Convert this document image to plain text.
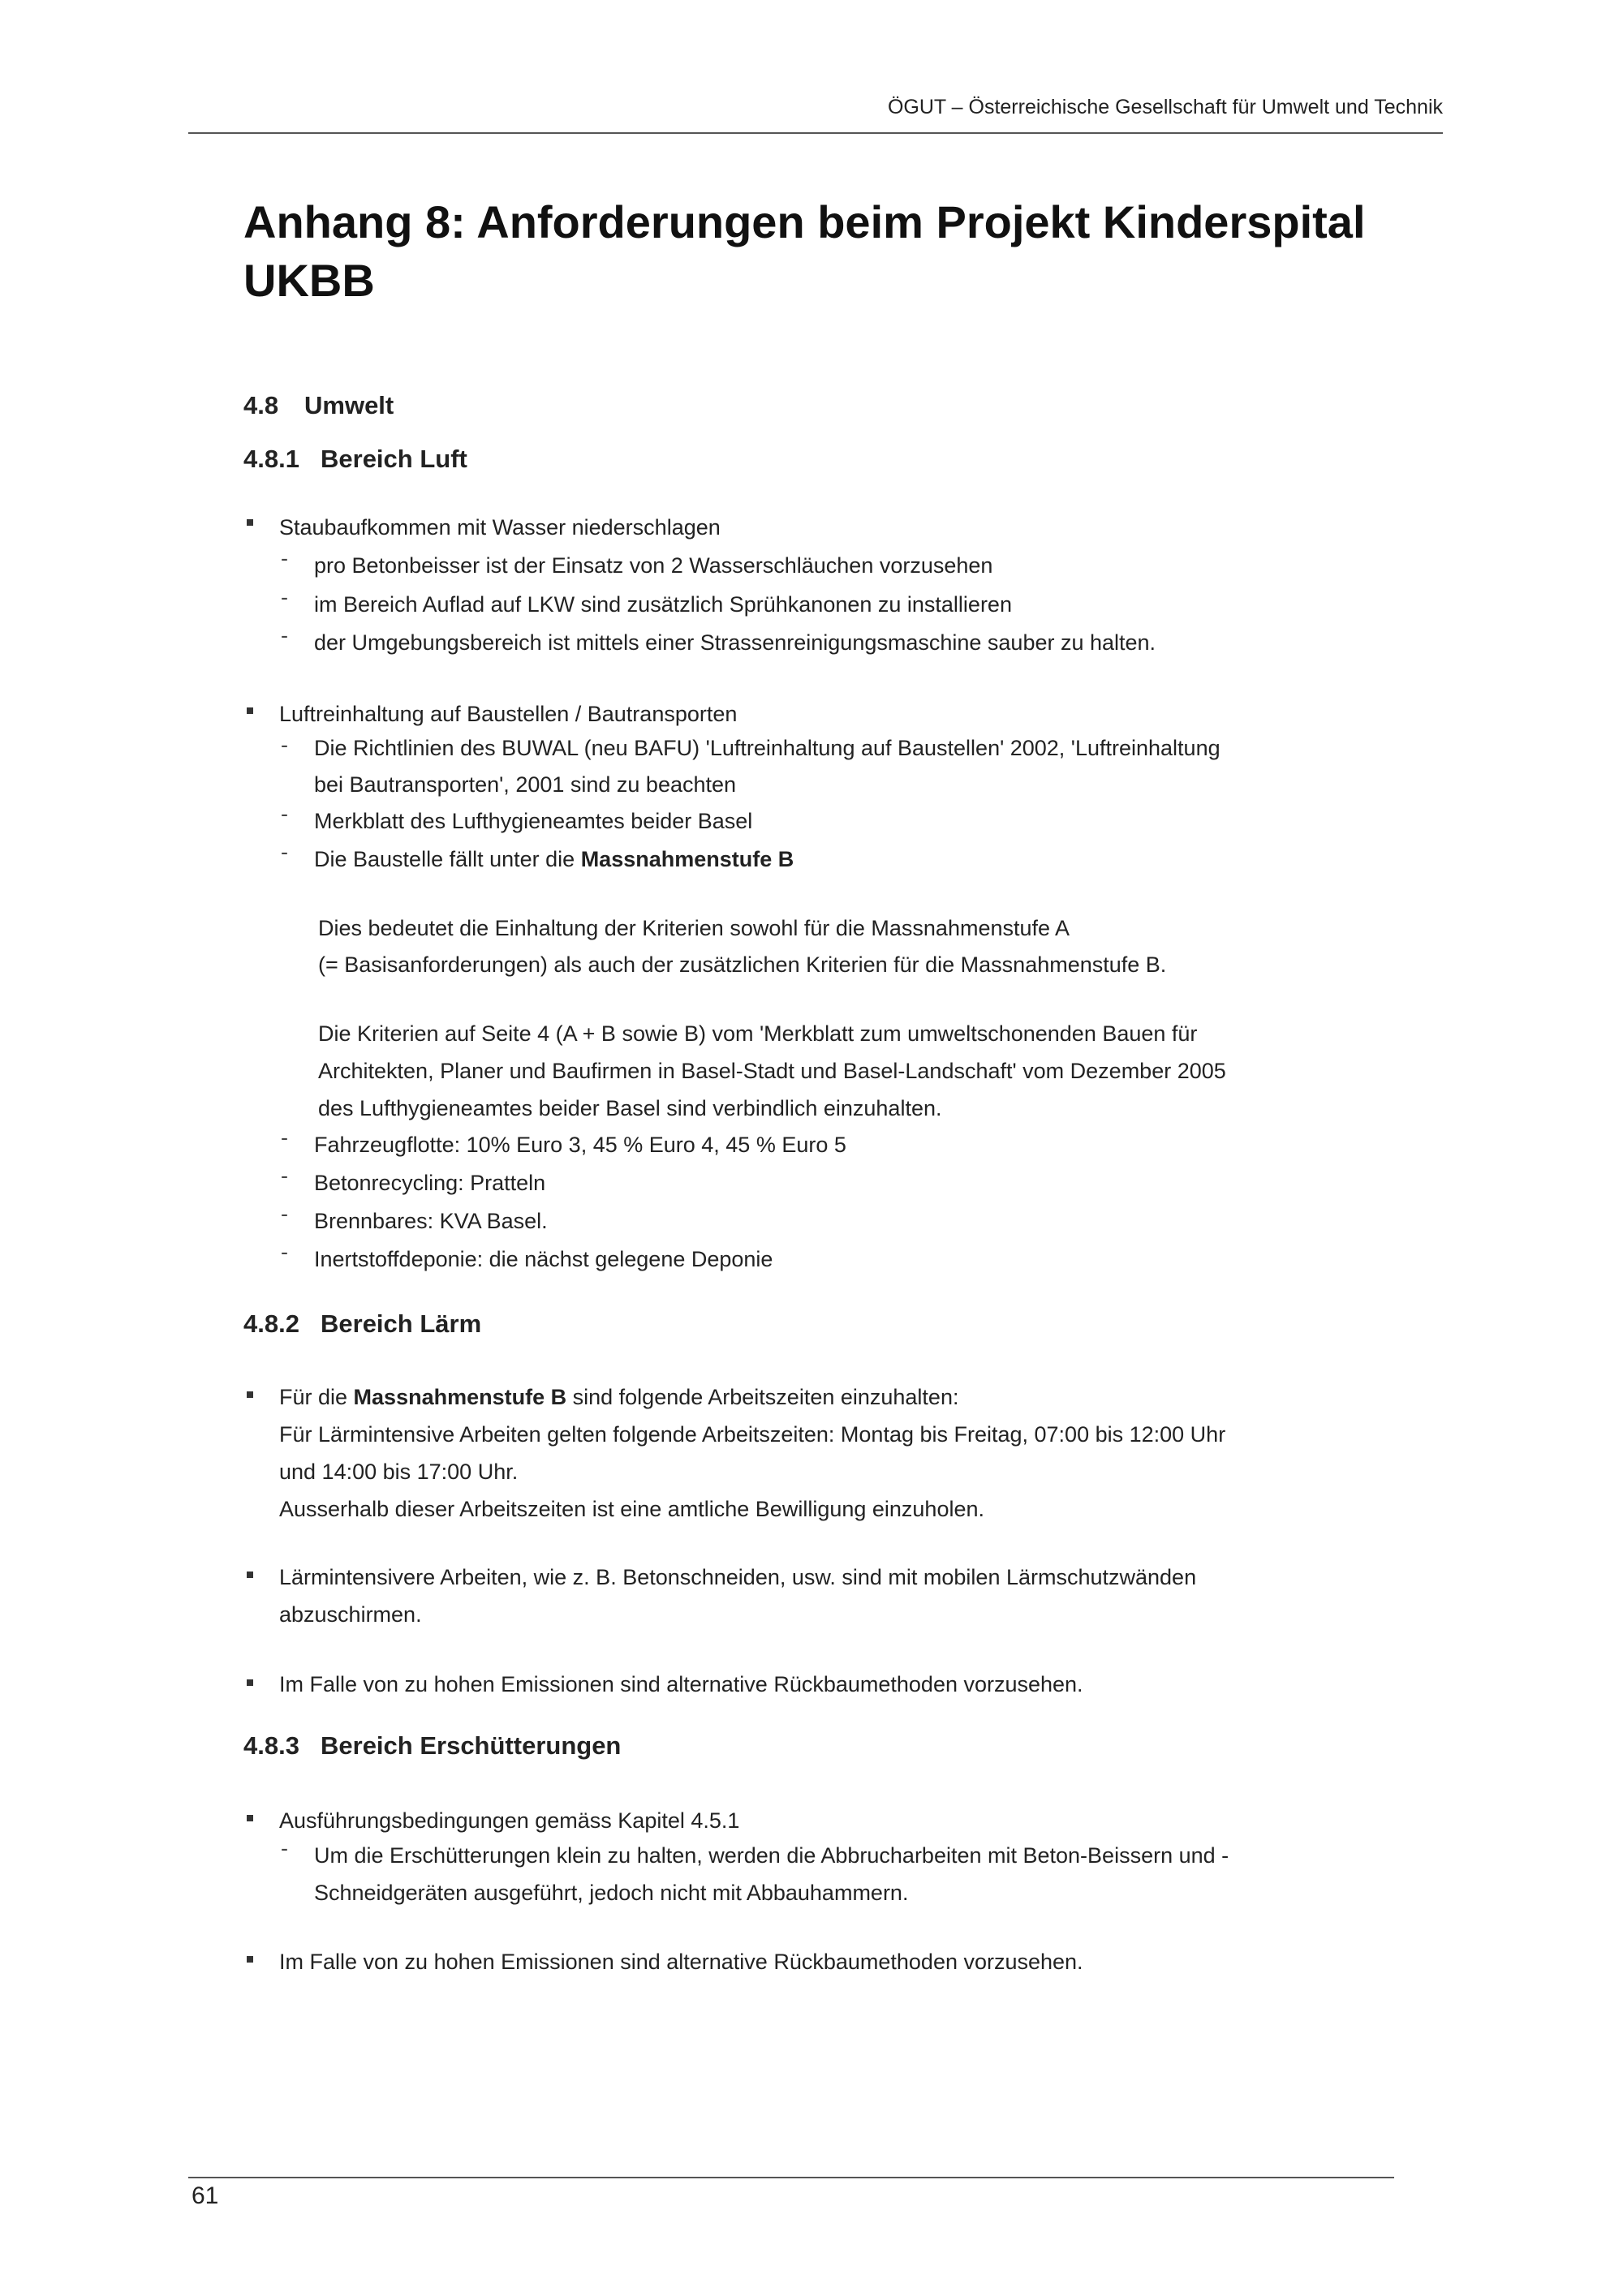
ÖGUT – Österreichische Gesellschaft für Umwelt und Technik
Anhang 8: Anforderungen beim Projekt Kinderspital UKBB
4.8 Umwelt
4.8.1 Bereich Luft
Staubaufkommen mit Wasser niederschlagen
- pro Betonbeisser ist der Einsatz von 2 Wasserschläuchen vorzusehen
- im Bereich Auflad auf LKW sind zusätzlich Sprühkanonen zu installieren
- der Umgebungsbereich ist mittels einer Strassenreinigungsmaschine sauber zu halten.
Luftreinhaltung auf Baustellen / Bautransporten
- Die Richtlinien des BUWAL (neu BAFU) 'Luftreinhaltung auf Baustellen' 2002, 'Luftreinhaltung
bei Bautransporten', 2001 sind zu beachten
- Merkblatt des Lufthygieneamtes beider Basel
- Die Baustelle fällt unter die Massnahmenstufe B
Dies bedeutet die Einhaltung der Kriterien sowohl für die Massnahmenstufe A
(= Basisanforderungen) als auch der zusätzlichen Kriterien für die Massnahmenstufe B.
Die Kriterien auf Seite 4 (A + B sowie B) vom 'Merkblatt zum umweltschonenden Bauen für
Architekten, Planer und Baufirmen in Basel-Stadt und Basel-Landschaft' vom Dezember 2005
des Lufthygieneamtes beider Basel sind verbindlich einzuhalten.
- Fahrzeugflotte: 10% Euro 3, 45 % Euro 4, 45 % Euro 5
- Betonrecycling: Pratteln
- Brennbares: KVA Basel.
- Inertstoffdeponie: die nächst gelegene Deponie
4.8.2 Bereich Lärm
Für die Massnahmenstufe B sind folgende Arbeitszeiten einzuhalten:
Für Lärmintensive Arbeiten gelten folgende Arbeitszeiten: Montag bis Freitag, 07:00 bis 12:00 Uhr
und 14:00 bis 17:00 Uhr.
Ausserhalb dieser Arbeitszeiten ist eine amtliche Bewilligung einzuholen.
Lärmintensivere Arbeiten, wie z. B. Betonschneiden, usw. sind mit mobilen Lärmschutzwänden
abzuschirmen.
Im Falle von zu hohen Emissionen sind alternative Rückbaumethoden vorzusehen.
4.8.3 Bereich Erschütterungen
Ausführungsbedingungen gemäss Kapitel 4.5.1
- Um die Erschütterungen klein zu halten, werden die Abbrucharbeiten mit Beton-Beissern und -
Schneidgeräten ausgeführt, jedoch nicht mit Abbauhammern.
Im Falle von zu hohen Emissionen sind alternative Rückbaumethoden vorzusehen.
61
